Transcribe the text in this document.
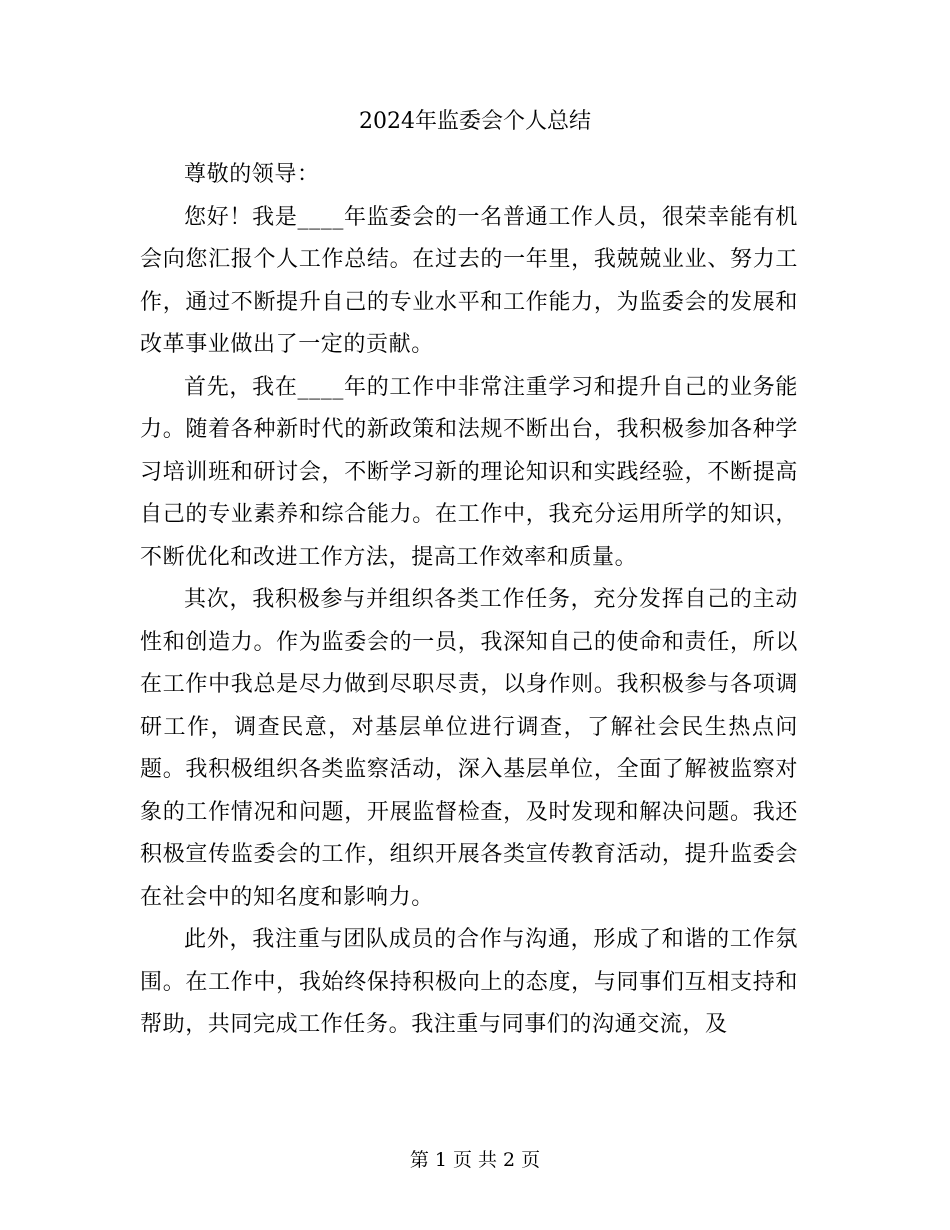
2024年监委会个人总结

尊敬的领导：

您好！我是____年监委会的一名普通工作人员，很荣幸能有机会向您汇报个人工作总结。在过去的一年里，我兢兢业业、努力工作，通过不断提升自己的专业水平和工作能力，为监委会的发展和改革事业做出了一定的贡献。

首先，我在____年的工作中非常注重学习和提升自己的业务能力。随着各种新时代的新政策和法规不断出台，我积极参加各种学习培训班和研讨会，不断学习新的理论知识和实践经验，不断提高自己的专业素养和综合能力。在工作中，我充分运用所学的知识，不断优化和改进工作方法，提高工作效率和质量。

其次，我积极参与并组织各类工作任务，充分发挥自己的主动性和创造力。作为监委会的一员，我深知自己的使命和责任，所以在工作中我总是尽力做到尽职尽责，以身作则。我积极参与各项调研工作，调查民意，对基层单位进行调查，了解社会民生热点问题。我积极组织各类监察活动，深入基层单位，全面了解被监察对象的工作情况和问题，开展监督检查，及时发现和解决问题。我还积极宣传监委会的工作，组织开展各类宣传教育活动，提升监委会在社会中的知名度和影响力。

此外，我注重与团队成员的合作与沟通，形成了和谐的工作氛围。在工作中，我始终保持积极向上的态度，与同事们互相支持和帮助，共同完成工作任务。我注重与同事们的沟通交流，及

第 1 页 共 2 页
